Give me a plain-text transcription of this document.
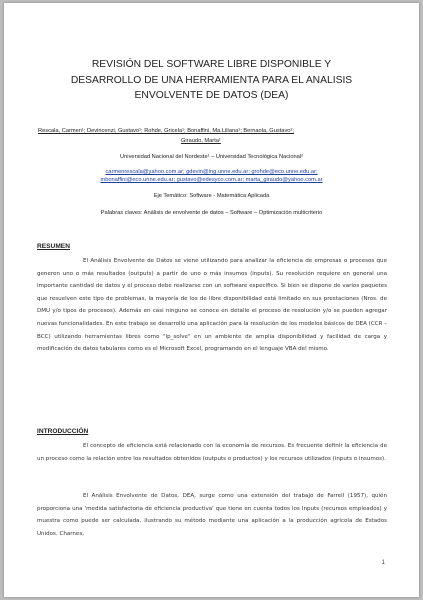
REVISIÓN DEL SOFTWARE LIBRE DISPONIBLE Y
DESARROLLO DE UNA HERRAMIENTA PARA EL ANALISIS
ENVOLVENTE DE DATOS (DEA)
Rescala, Carmen¹; Devincenzi, Gustavo¹; Rohde, Gricela¹; Bonaffini, Ma.Liliana¹; Bernaola, Gustavo²;
Giraudo, Marta¹
Universidad Nacional del Nordeste¹ – Universidad Tecnológica Nacional²
carmenrescala@yahoo.com.ar; gdevin@ing.unne.edu.ar; grohde@eco.unne.edu.ar;
mbonaffini@eco.unne.edu.ar; gustavo@edesyco.com.ar; marta_giraudo@yahoo.com.ar
Eje Temático: Software - Matemática Aplicada
Palabras claves: Análisis de envolvente de datos – Software – Optimización multicriterio
RESUMEN
El Análisis Envolvente de Datos se viene utilizando para analizar la eficiencia de empresas o procesos que generen uno o más resultados (outputs) a partir de uno o más insumos (inputs). Su resolución requiere en general una importante cantidad de datos y el proceso debe realizarse con un software específico. Si bien se dispone de varios paquetes que resuelven este tipo de problemas, la mayoría de los de libre disponibilidad está limitado en sus prestaciones (Nros. de DMU y/o tipos de procesos). Además en casi ninguno se conoce en detalle el proceso de resolución y/o se pueden agregar nuevas funcionalidades. En este trabajo se desarrolló una aplicación para la resolución de los modelos básicos de DEA (CCR – BCC) utilizando herramientas libres como "lp_solve" en un ambiente de amplia disponibilidad y facilidad de carga y modificación de datos tabulares como es el Microsoft Excel, programando en el lenguaje VBA del mismo.
INTRODUCCIÓN
El concepto de eficiencia está relacionado con la economía de recursos. Es frecuente definir la eficiencia de un proceso como la relación entre los resultados obtenidos (outputs o productos) y los recursos utilizados (inputs o insumos).
El Análisis Envolvente de Datos, DEA, surge como una extensión del trabajo de Farrell (1957), quién proporciona una 'medida satisfactoria de eficiencia productiva' que tiene en cuenta todos los Inputs (recursos empleados) y muestra como puede ser calculada, ilustrando su método mediante una aplicación a la producción agrícola de Estados Unidos. Charnes,
1
